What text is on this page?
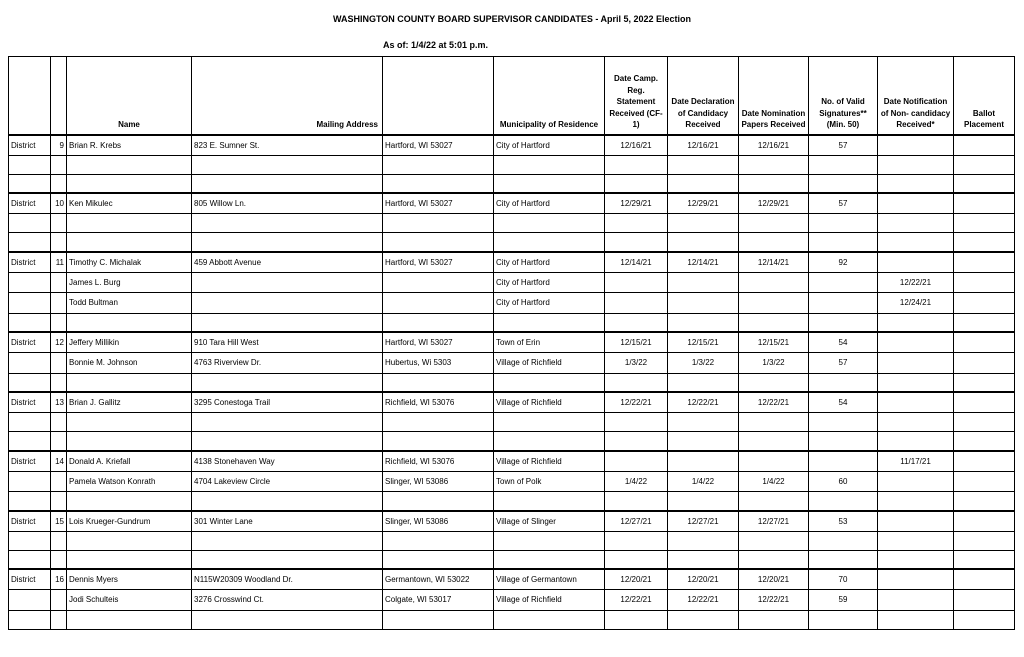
WASHINGTON COUNTY BOARD SUPERVISOR CANDIDATES - April 5, 2022 Election
As of: 1/4/22 at 5:01 p.m.
		Name	Mailing Address		Municipality of Residence	Date Camp. Reg. Statement Received (CF-1)	Date Declaration of Candidacy Received	Date Nomination Papers Received	No. of Valid Signatures** (Min. 50)	Date Notification of Non- candidacy Received*	Ballot Placement
District	9	Brian R. Krebs	823 E. Sumner St.	Hartford, WI 53027	City of Hartford	12/16/21	12/16/21	12/16/21	57		

District	10	Ken Mikulec	805 Willow Ln.	Hartford, WI 53027	City of Hartford	12/29/21	12/29/21	12/29/21	57		

District	11	Timothy C. Michalak	459 Abbott Avenue	Hartford, WI 53027	City of Hartford	12/14/21	12/14/21	12/14/21	92		
		James L. Burg			City of Hartford					12/22/21	
		Todd Bultman			City of Hartford					12/24/21	

District	12	Jeffery Millikin	910 Tara Hill West	Hartford, WI 53027	Town of Erin	12/15/21	12/15/21	12/15/21	54		
		Bonnie M. Johnson	4763 Riverview Dr.	Hubertus, Wi 5303	Village of Richfield	1/3/22	1/3/22	1/3/22	57		

District	13	Brian J. Gallitz	3295 Conestoga Trail	Richfield, WI 53076	Village of Richfield	12/22/21	12/22/21	12/22/21	54		

District	14	Donald A. Kriefall	4138 Stonehaven Way	Richfield, WI 53076	Village of Richfield					11/17/21	
		Pamela Watson Konrath	4704 Lakeview Circle	Slinger, WI 53086	Town of Polk	1/4/22	1/4/22	1/4/22	60		

District	15	Lois Krueger-Gundrum	301 Winter Lane	Slinger, WI 53086	Village of Slinger	12/27/21	12/27/21	12/27/21	53		

District	16	Dennis Myers	N115W20309 Woodland Dr.	Germantown, WI 53022	Village of Germantown	12/20/21	12/20/21	12/20/21	70		
		Jodi Schulteis	3276 Crosswind Ct.	Colgate, WI 53017	Village of Richfield	12/22/21	12/22/21	12/22/21	59		
